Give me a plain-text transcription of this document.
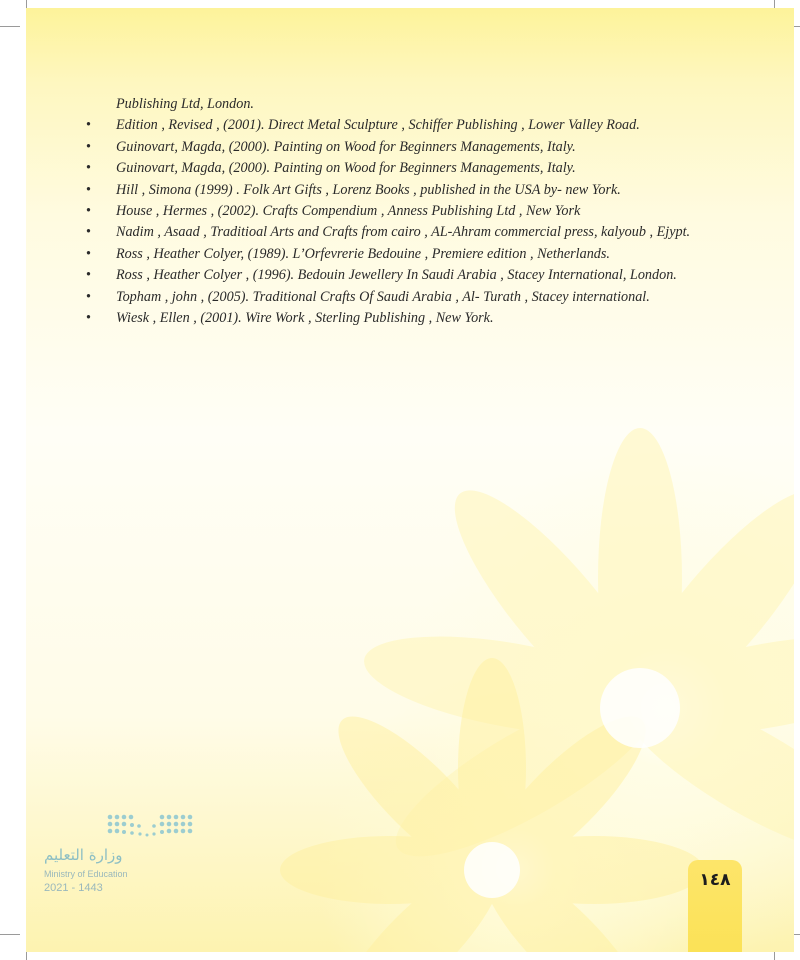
Publishing Ltd, London.
• Edition , Revised , (2001). Direct Metal Sculpture , Schiffer Publishing , Lower Valley Road.
• Guinovart, Magda, (2000). Painting on Wood for Beginners Managements, Italy.
• Guinovart, Magda, (2000). Painting on Wood for Beginners Managements, Italy.
• Hill , Simona (1999) . Folk Art Gifts , Lorenz Books , published in the USA by- new York.
• House , Hermes , (2002). Crafts Compendium , Anness Publishing Ltd , New York
• Nadim , Asaad , Traditioal Arts and Crafts from cairo , AL-Ahram commercial press, kalyoub , Ejypt.
• Ross , Heather Colyer, (1989). L’Orfevrerie Bedouine , Premiere edition , Netherlands.
• Ross , Heather Colyer , (1996). Bedouin Jewellery In Saudi Arabia , Stacey International, London.
• Topham , john , (2005). Traditional Crafts Of Saudi Arabia , Al- Turath , Stacey international.
• Wiesk , Ellen , (2001). Wire Work , Sterling Publishing , New York.
وزارة التعليم
Ministry of Education
2021 - 1443	١٤٨
